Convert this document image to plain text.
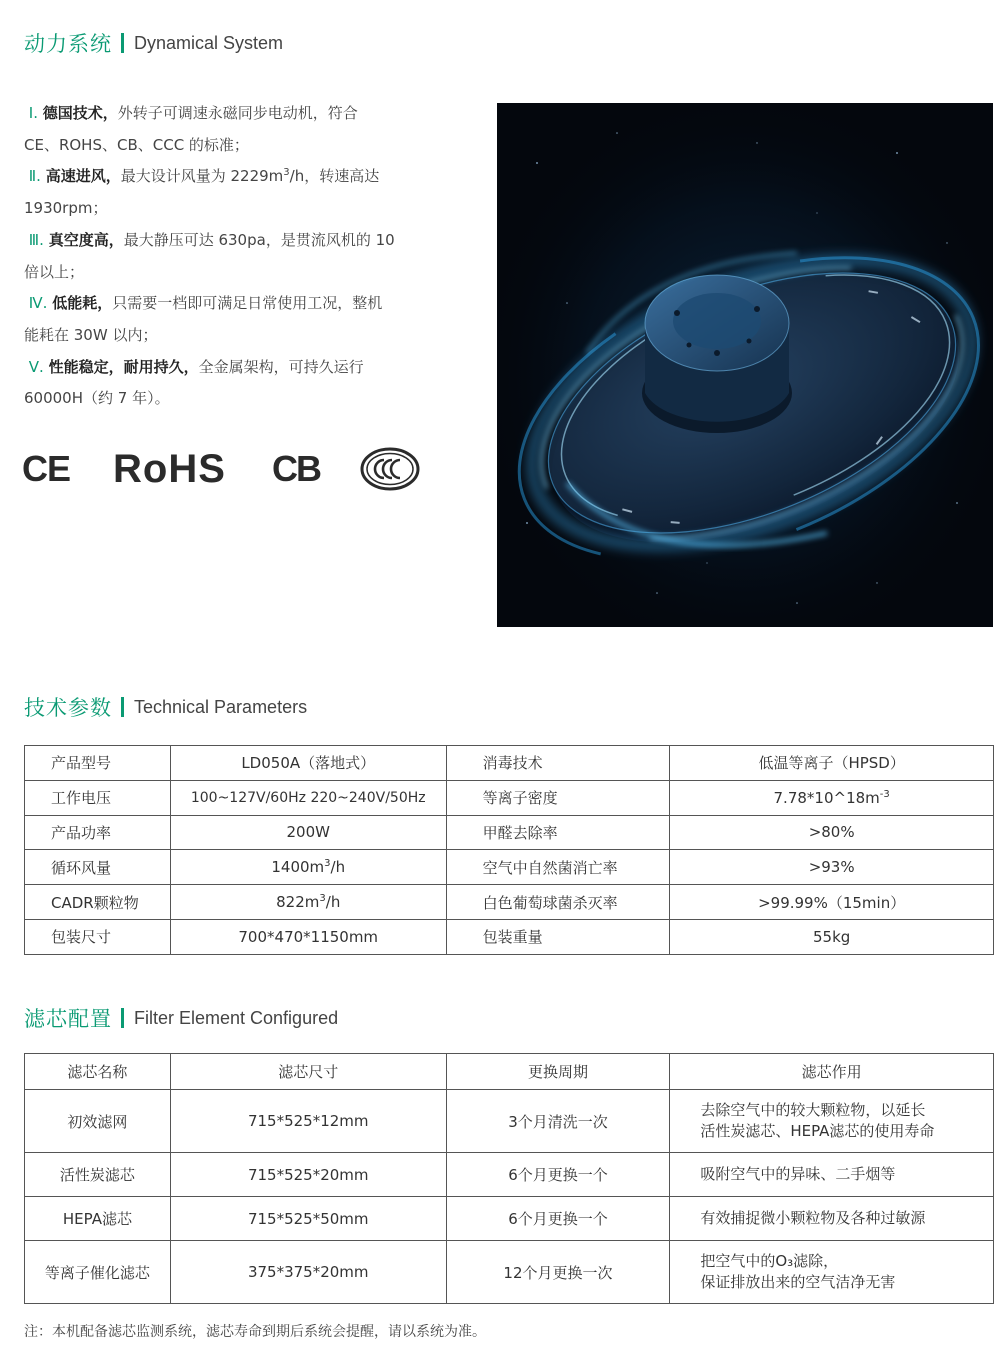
动力系统 Dynamical System
Ⅰ. 德国技术，外转子可调速永磁同步电动机，符合
CE、ROHS、CB、CCC 的标准；
Ⅱ. 高速进风，最大设计风量为 $2229m^3/h$，转速高达
1930rpm；
Ⅲ. 真空度高，最大静压可达 630pa，是贯流风机的 10
倍以上；
Ⅳ. 低能耗，只需要一档即可满足日常使用工况，整机
能耗在 30W 以内；
Ⅴ. 性能稳定，耐用持久，全金属架构，可持久运行
60000H（约 7 年）。
CE RoHS CB
技术参数 Technical Parameters
产品型号	LD050A（落地式）	消毒技术	低温等离子（HPSD）
工作电压	100~127V/60Hz 220~240V/50Hz	等离子密度	$7.78*10\^{}18m^{-3}$
产品功率	200W	甲醛去除率	>80%
循环风量	$1400m^3/h$	空气中自然菌消亡率	>93%
CADR颗粒物	$822m^3/h$	白色葡萄球菌杀灭率	>99.99%（15min）
包装尺寸	700*470*1150mm	包装重量	55kg
滤芯配置 Filter Element Configured
滤芯名称	滤芯尺寸	更换周期	滤芯作用
初效滤网	715*525*12mm	3个月清洗一次	去除空气中的较大颗粒物，以延长
活性炭滤芯、HEPA滤芯的使用寿命

活性炭滤芯	715*525*20mm	6个月更换一个	吸附空气中的异味、二手烟等
HEPA滤芯	715*525*50mm	6个月更换一个	有效捕捉微小颗粒物及各种过敏源
等离子催化滤芯	375*375*20mm	12个月更换一次	把空气中的O₃滤除，
保证排放出来的空气洁净无害
注：本机配备滤芯监测系统，滤芯寿命到期后系统会提醒，请以系统为准。
